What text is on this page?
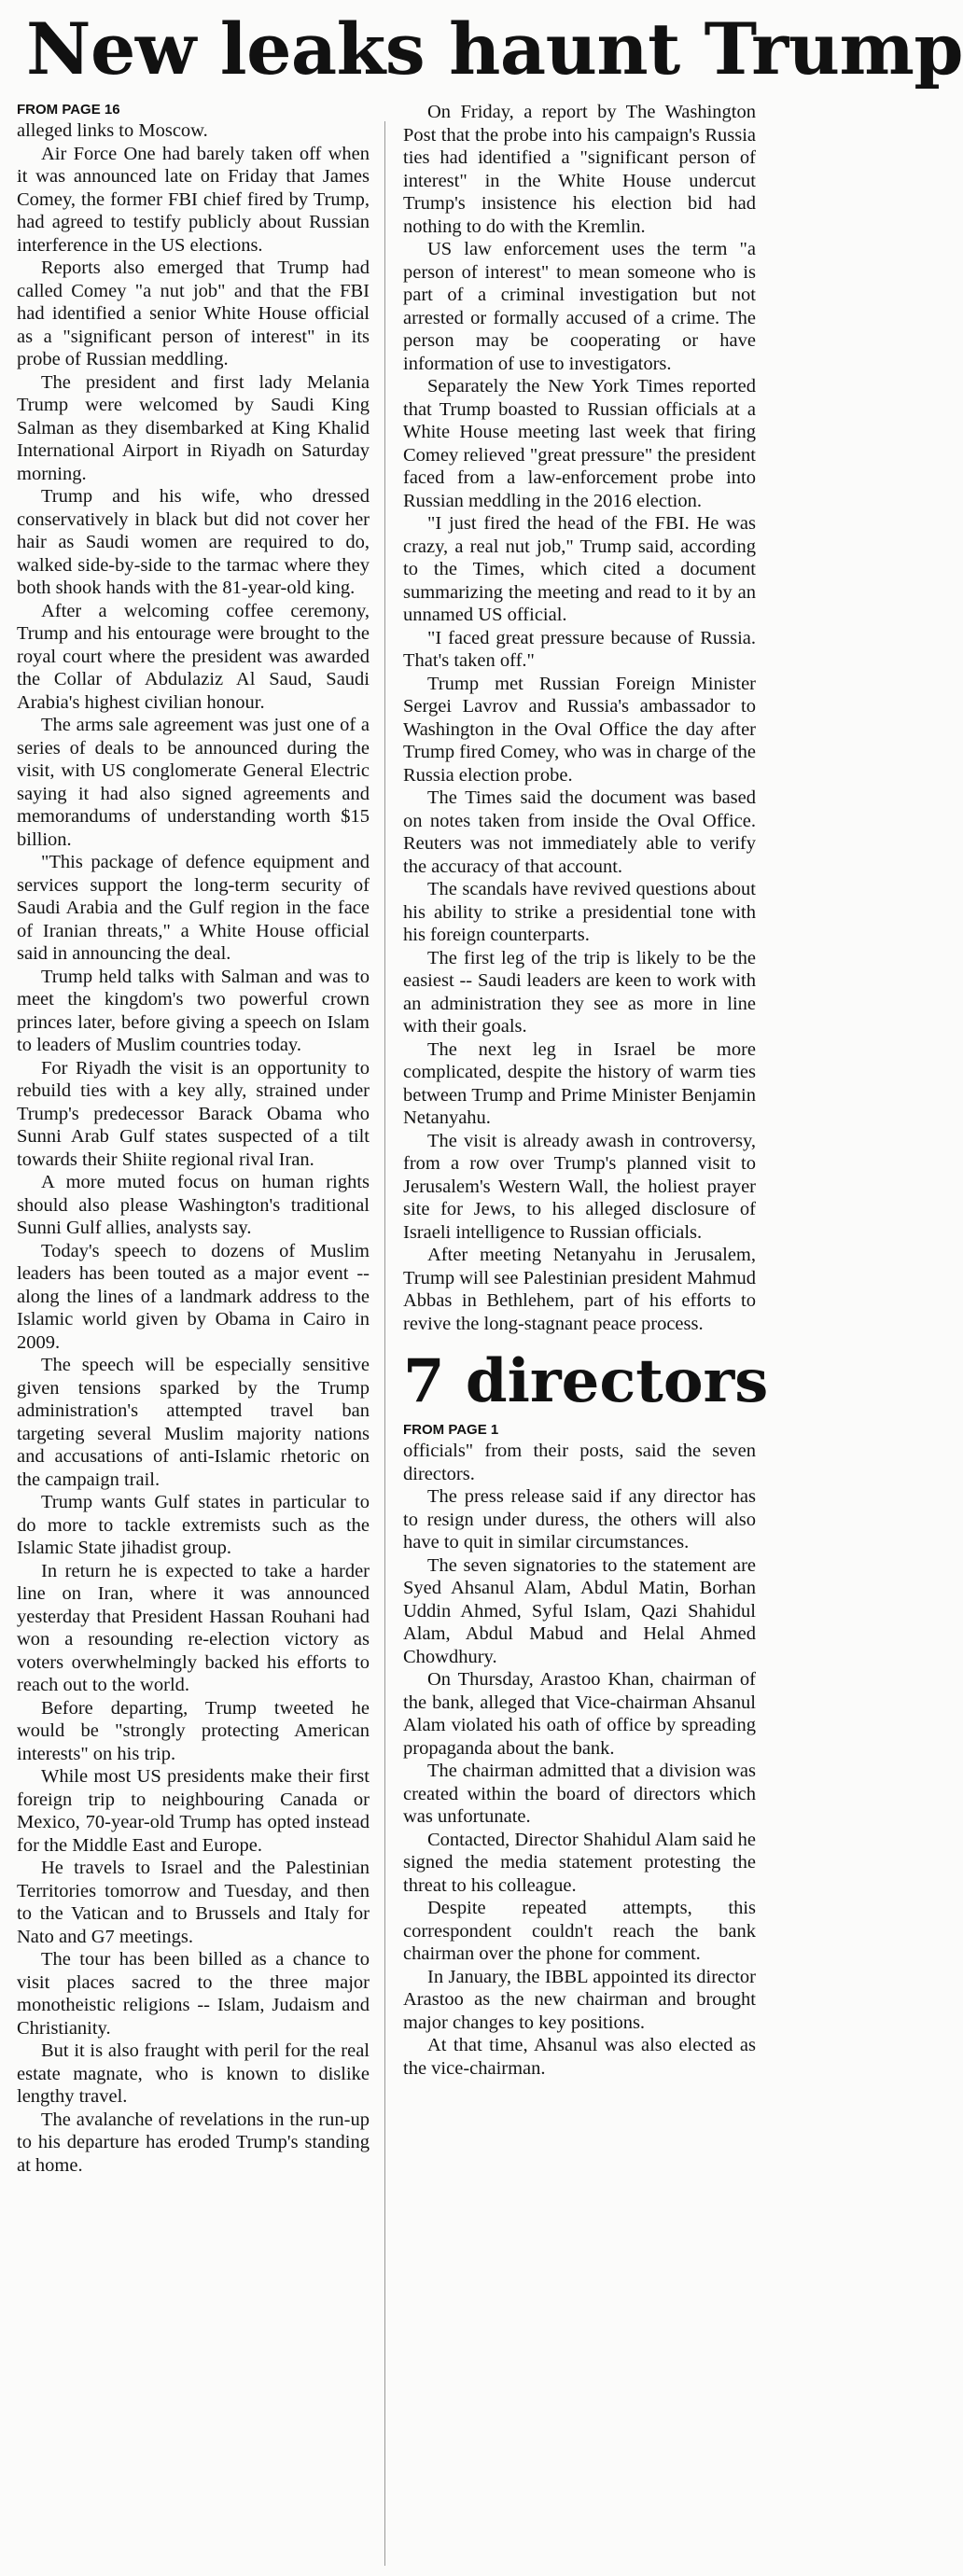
New leaks haunt Trump
FROM PAGE 16

alleged links to Moscow.

Air Force One had barely taken off when it was announced late on Friday that James Comey, the former FBI chief fired by Trump, had agreed to testify publicly about Russian interference in the US elections.

Reports also emerged that Trump had called Comey "a nut job" and that the FBI had identified a senior White House official as a "significant person of interest" in its probe of Russian meddling.

The president and first lady Melania Trump were welcomed by Saudi King Salman as they disembarked at King Khalid International Airport in Riyadh on Saturday morning.

Trump and his wife, who dressed conservatively in black but did not cover her hair as Saudi women are required to do, walked side-by-side to the tarmac where they both shook hands with the 81-year-old king.

After a welcoming coffee ceremony, Trump and his entourage were brought to the royal court where the president was awarded the Collar of Abdulaziz Al Saud, Saudi Arabia's highest civilian honour.

The arms sale agreement was just one of a series of deals to be announced during the visit, with US conglomerate General Electric saying it had also signed agreements and memorandums of understanding worth $15 billion.

"This package of defence equipment and services support the long-term security of Saudi Arabia and the Gulf region in the face of Iranian threats," a White House official said in announcing the deal.

Trump held talks with Salman and was to meet the kingdom's two powerful crown princes later, before giving a speech on Islam to leaders of Muslim countries today.

For Riyadh the visit is an opportunity to rebuild ties with a key ally, strained under Trump's predecessor Barack Obama who Sunni Arab Gulf states suspected of a tilt towards their Shiite regional rival Iran.

A more muted focus on human rights should also please Washington's traditional Sunni Gulf allies, analysts say.

Today's speech to dozens of Muslim leaders has been touted as a major event -- along the lines of a landmark address to the Islamic world given by Obama in Cairo in 2009.

The speech will be especially sensitive given tensions sparked by the Trump administration's attempted travel ban targeting several Muslim majority nations and accusations of anti-Islamic rhetoric on the campaign trail.

Trump wants Gulf states in particular to do more to tackle extremists such as the Islamic State jihadist group.

In return he is expected to take a harder line on Iran, where it was announced yesterday that President Hassan Rouhani had won a resounding re-election victory as voters overwhelmingly backed his efforts to reach out to the world.

Before departing, Trump tweeted he would be "strongly protecting American interests" on his trip.

While most US presidents make their first foreign trip to neighbouring Canada or Mexico, 70-year-old Trump has opted instead for the Middle East and Europe.

He travels to Israel and the Palestinian Territories tomorrow and Tuesday, and then to the Vatican and to Brussels and Italy for Nato and G7 meetings.

The tour has been billed as a chance to visit places sacred to the three major monotheistic religions -- Islam, Judaism and Christianity.

But it is also fraught with peril for the real estate magnate, who is known to dislike lengthy travel.

The avalanche of revelations in the run-up to his departure has eroded Trump's standing at home.

On Friday, a report by The Washington Post that the probe into his campaign's Russia ties had identified a "significant person of interest" in the White House undercut Trump's insistence his election bid had nothing to do with the Kremlin.

US law enforcement uses the term "a person of interest" to mean someone who is part of a criminal investigation but not arrested or formally accused of a crime. The person may be cooperating or have information of use to investigators.

Separately the New York Times reported that Trump boasted to Russian officials at a White House meeting last week that firing Comey relieved "great pressure" the president faced from a law-enforcement probe into Russian meddling in the 2016 election.

"I just fired the head of the FBI. He was crazy, a real nut job," Trump said, according to the Times, which cited a document summarizing the meeting and read to it by an unnamed US official.

"I faced great pressure because of Russia. That's taken off."

Trump met Russian Foreign Minister Sergei Lavrov and Russia's ambassador to Washington in the Oval Office the day after Trump fired Comey, who was in charge of the Russia election probe.

The Times said the document was based on notes taken from inside the Oval Office. Reuters was not immediately able to verify the accuracy of that account.

The scandals have revived questions about his ability to strike a presidential tone with his foreign counterparts.

The first leg of the trip is likely to be the easiest -- Saudi leaders are keen to work with an administration they see as more in line with their goals.

The next leg in Israel be more complicated, despite the history of warm ties between Trump and Prime Minister Benjamin Netanyahu.

The visit is already awash in controversy, from a row over Trump's planned visit to Jerusalem's Western Wall, the holiest prayer site for Jews, to his alleged disclosure of Israeli intelligence to Russian officials.

After meeting Netanyahu in Jerusalem, Trump will see Palestinian president Mahmud Abbas in Bethlehem, part of his efforts to revive the long-stagnant peace process.

7 directors
FROM PAGE 1

officials" from their posts, said the seven directors.

The press release said if any director has to resign under duress, the others will also have to quit in similar circumstances.

The seven signatories to the statement are Syed Ahsanul Alam, Abdul Matin, Borhan Uddin Ahmed, Syful Islam, Qazi Shahidul Alam, Abdul Mabud and Helal Ahmed Chowdhury.

On Thursday, Arastoo Khan, chairman of the bank, alleged that Vice-chairman Ahsanul Alam violated his oath of office by spreading propaganda about the bank.

The chairman admitted that a division was created within the board of directors which was unfortunate.

Contacted, Director Shahidul Alam said he signed the media statement protesting the threat to his colleague.

Despite repeated attempts, this correspondent couldn't reach the bank chairman over the phone for comment.

In January, the IBBL appointed its director Arastoo as the new chairman and brought major changes to key positions.

At that time, Ahsanul was also elected as the vice-chairman.
